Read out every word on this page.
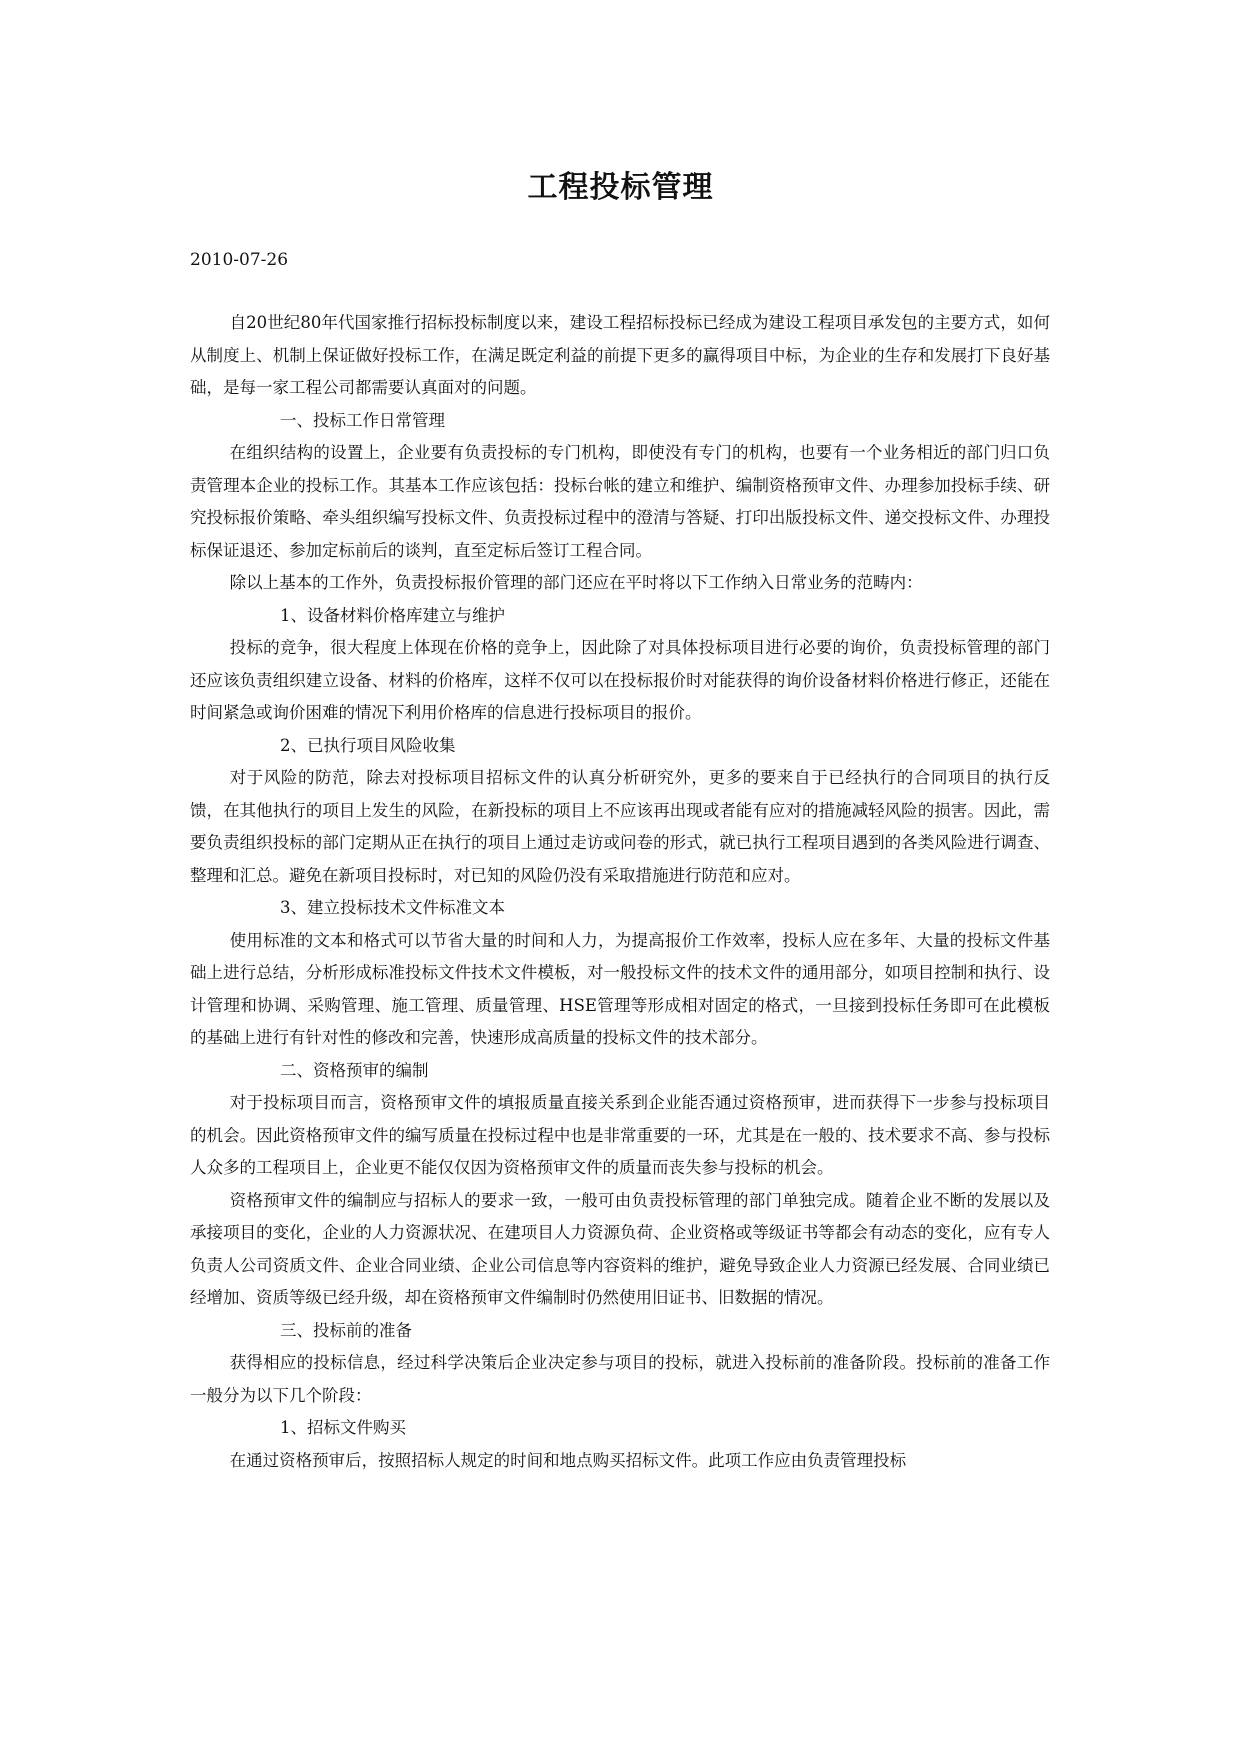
工程投标管理
2010-07-26

自20世纪80年代国家推行招标投标制度以来，建设工程招标投标已经成为建设工程项目承发包的主要方式，如何从制度上、机制上保证做好投标工作，在满足既定利益的前提下更多的赢得项目中标，为企业的生存和发展打下良好基础，是每一家工程公司都需要认真面对的问题。

一、投标工作日常管理

在组织结构的设置上，企业要有负责投标的专门机构，即使没有专门的机构，也要有一个业务相近的部门归口负责管理本企业的投标工作。其基本工作应该包括：投标台帐的建立和维护、编制资格预审文件、办理参加投标手续、研究投标报价策略、牵头组织编写投标文件、负责投标过程中的澄清与答疑、打印出版投标文件、递交投标文件、办理投标保证退还、参加定标前后的谈判，直至定标后签订工程合同。

除以上基本的工作外，负责投标报价管理的部门还应在平时将以下工作纳入日常业务的范畴内：

1、设备材料价格库建立与维护

投标的竞争，很大程度上体现在价格的竞争上，因此除了对具体投标项目进行必要的询价，负责投标管理的部门还应该负责组织建立设备、材料的价格库，这样不仅可以在投标报价时对能获得的询价设备材料价格进行修正，还能在时间紧急或询价困难的情况下利用价格库的信息进行投标项目的报价。

2、已执行项目风险收集

对于风险的防范，除去对投标项目招标文件的认真分析研究外，更多的要来自于已经执行的合同项目的执行反馈，在其他执行的项目上发生的风险，在新投标的项目上不应该再出现或者能有应对的措施减轻风险的损害。因此，需要负责组织投标的部门定期从正在执行的项目上通过走访或问卷的形式，就已执行工程项目遇到的各类风险进行调查、整理和汇总。避免在新项目投标时，对已知的风险仍没有采取措施进行防范和应对。

3、建立投标技术文件标准文本

使用标准的文本和格式可以节省大量的时间和人力，为提高报价工作效率，投标人应在多年、大量的投标文件基础上进行总结，分析形成标准投标文件技术文件模板，对一般投标文件的技术文件的通用部分，如项目控制和执行、设计管理和协调、采购管理、施工管理、质量管理、HSE管理等形成相对固定的格式，一旦接到投标任务即可在此模板的基础上进行有针对性的修改和完善，快速形成高质量的投标文件的技术部分。

二、资格预审的编制

对于投标项目而言，资格预审文件的填报质量直接关系到企业能否通过资格预审，进而获得下一步参与投标项目的机会。因此资格预审文件的编写质量在投标过程中也是非常重要的一环，尤其是在一般的、技术要求不高、参与投标人众多的工程项目上，企业更不能仅仅因为资格预审文件的质量而丧失参与投标的机会。

资格预审文件的编制应与招标人的要求一致，一般可由负责投标管理的部门单独完成。随着企业不断的发展以及承接项目的变化，企业的人力资源状况、在建项目人力资源负荷、企业资格或等级证书等都会有动态的变化，应有专人负责人公司资质文件、企业合同业绩、企业公司信息等内容资料的维护，避免导致企业人力资源已经发展、合同业绩已经增加、资质等级已经升级，却在资格预审文件编制时仍然使用旧证书、旧数据的情况。

三、投标前的准备

获得相应的投标信息，经过科学决策后企业决定参与项目的投标，就进入投标前的准备阶段。投标前的准备工作一般分为以下几个阶段：

1、招标文件购买

在通过资格预审后，按照招标人规定的时间和地点购买招标文件。此项工作应由负责管理投标
